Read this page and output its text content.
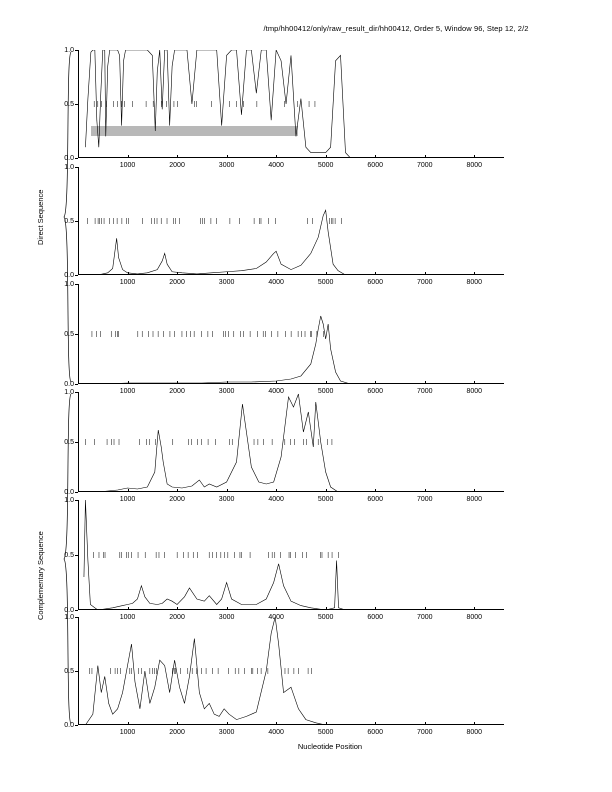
/tmp/hh00412/only/raw_result_dir/hh00412, Order 5, Window 96, Step 12, 2/2
0.0
0.5
1.0
1000	2000	3000	4000	5000	6000	7000	8000
0.0
0.5
1.0
1000	2000	3000	4000	5000	6000	7000	8000
0.0
0.5
1.0
1000	2000	3000	4000	5000	6000	7000	8000
0.0
0.5
1.0
1000	2000	3000	4000	5000	6000	7000	8000
0.0
0.5
1.0
1000	2000	3000	4000	5000	6000	7000	8000
0.0
0.5
1.0
1000	2000	3000	4000	5000	6000	7000	8000
Direct Sequence
Complementary Sequence
Nucleotide Position
